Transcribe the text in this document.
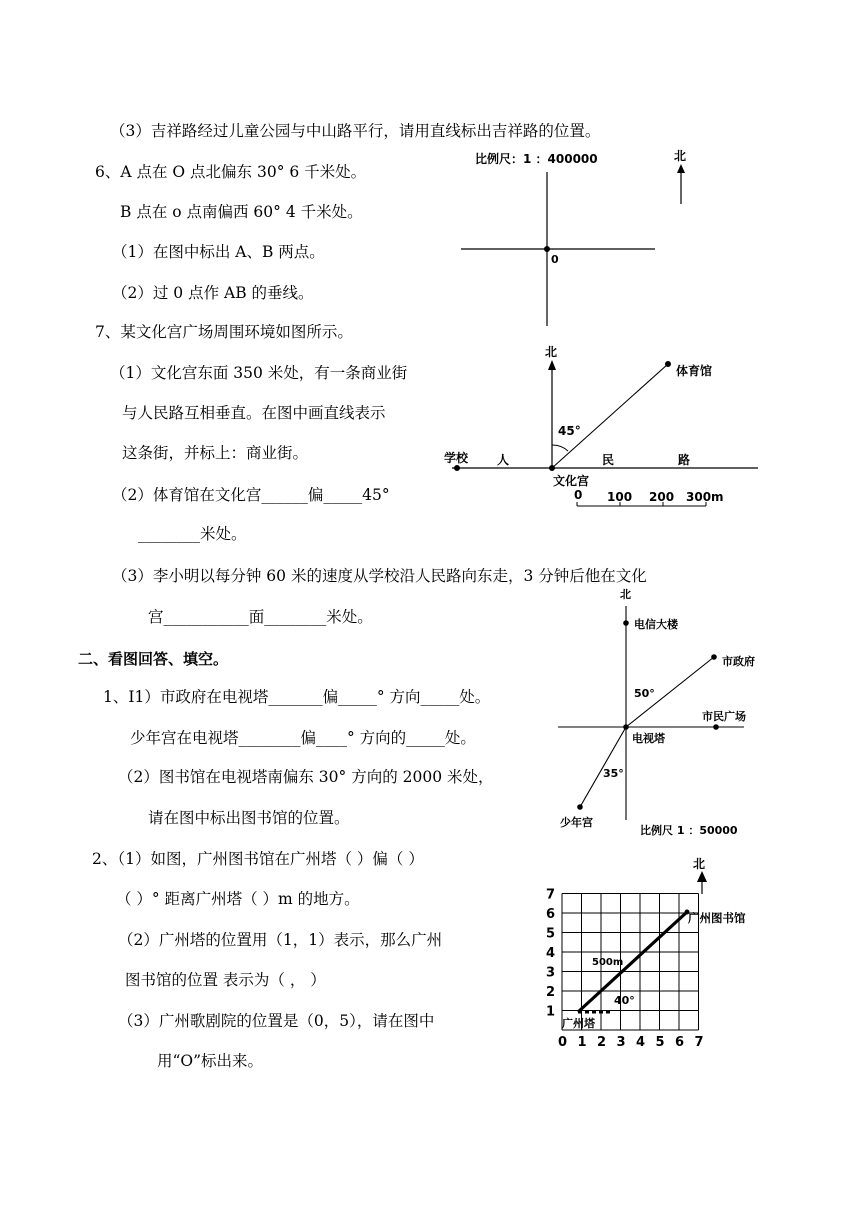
（3）吉祥路经过儿童公园与中山路平行，请用直线标出吉祥路的位置。
6、A 点在 O 点北偏东 30° 6 千米处。
B 点在 o 点南偏西 60° 4 千米处。
（1）在图中标出 A、B 两点。
（2）过 0 点作 AB 的垂线。
7、某文化宫广场周围环境如图所示。
（1）文化宫东面 350 米处，有一条商业街
与人民路互相垂直。在图中画直线表示
这条街，并标上：商业街。
（2）体育馆在文化宫______偏_____45°
________米处。
（3）李小明以每分钟 60 米的速度从学校沿人民路向东走，3 分钟后他在文化
宫___________面________米处。
二、看图回答、填空。
1、I1）市政府在电视塔_______偏_____° 方向_____处。
少年宫在电视塔________偏____° 方向的_____处。
（2）图书馆在电视塔南偏东 30° 方向的 2000 米处，
请在图中标出图书馆的位置。
2、（1）如图，广州图书馆在广州塔（ ）偏（ ）
（ ）° 距离广州塔（ ）m 的地方。
（2）广州塔的位置用（1，1）表示，那么广州
图书馆的位置 表示为（ ， ）
（3）广州歌剧院的位置是（0，5），请在图中
用“O”标出来。
比例尺：1 ：400000
0
北
北
体育馆
45°
学校 人	民	路
文化宫
0 100 200 300m
北
电信大楼
市政府
50°
市民广场
电视塔
35°
少年宫
比例尺 1 ：50000
北
广州图书馆
500m
40°
广州塔
0 1 2 3 4 5 6 7
1
2
3
4
5
6
7
